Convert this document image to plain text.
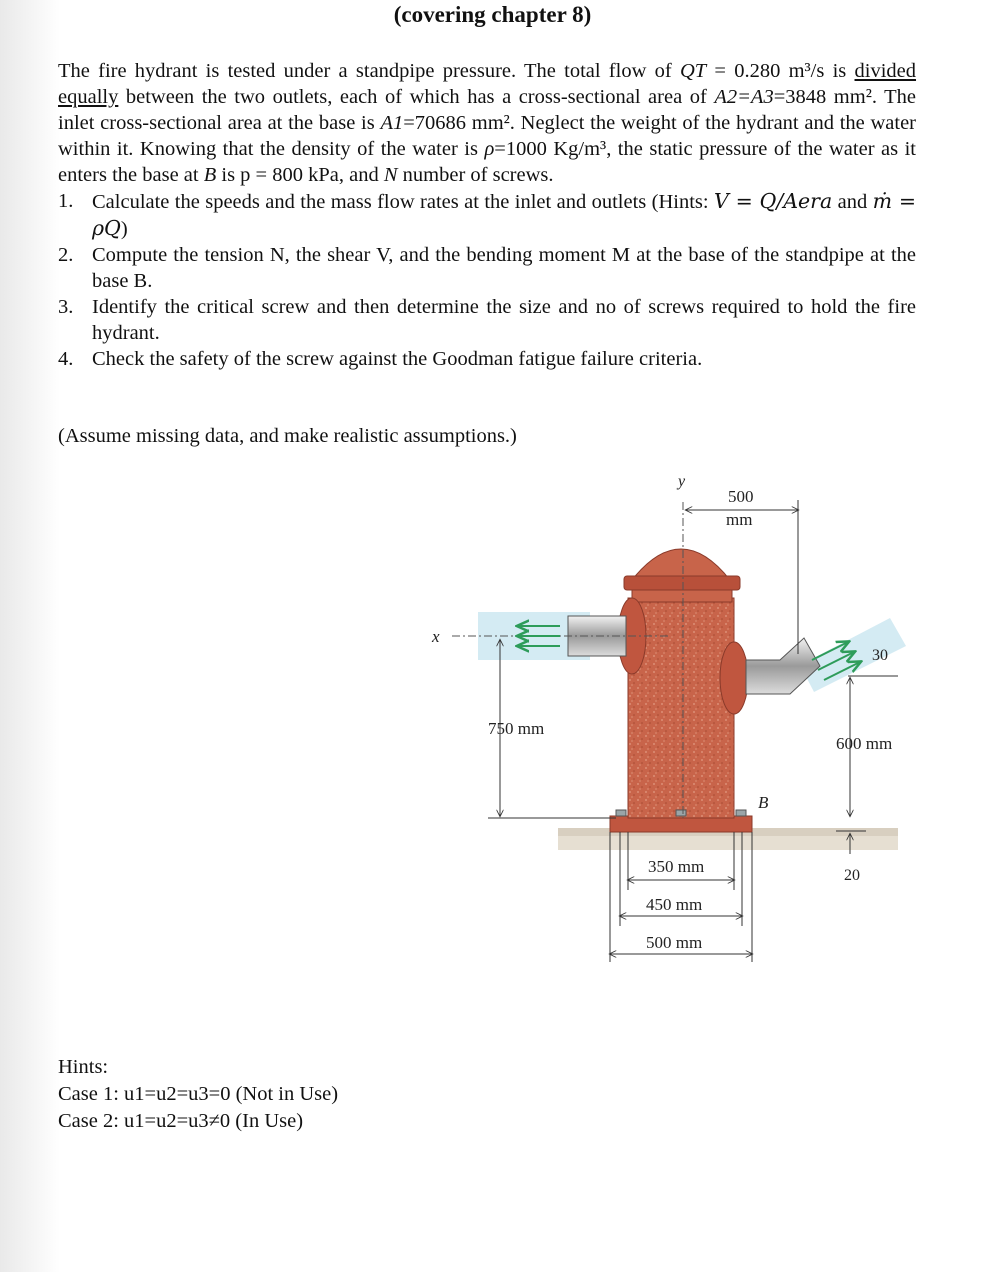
(covering chapter 8)

The fire hydrant is tested under a standpipe pressure. The total flow of QT = 0.280 m³/s is divided equally between the two outlets, each of which has a cross-sectional area of A2=A3=3848 mm². The inlet cross-sectional area at the base is A1=70686 mm². Neglect the weight of the hydrant and the water within it. Knowing that the density of the water is ρ=1000 Kg/m³, the static pressure of the water as it enters the base at B is p = 800 kPa, and N number of screws.

1. Calculate the speeds and the mass flow rates at the inlet and outlets (Hints: V = Q/Aera and ṁ = ρQ)
2. Compute the tension N, the shear V, and the bending moment M at the base of the standpipe at the base B.
3. Identify the critical screw and then determine the size and no of screws required to hold the fire hydrant.
4. Check the safety of the screw against the Goodman fatigue failure criteria.
(Assume missing data, and make realistic assumptions.)
y
x
500
mm
30
600 mm
20
750 mm
B
350 mm
450 mm
500 mm
Hints:
Case 1: u1=u2=u3=0 (Not in Use)
Case 2: u1=u2=u3≠0 (In Use)
